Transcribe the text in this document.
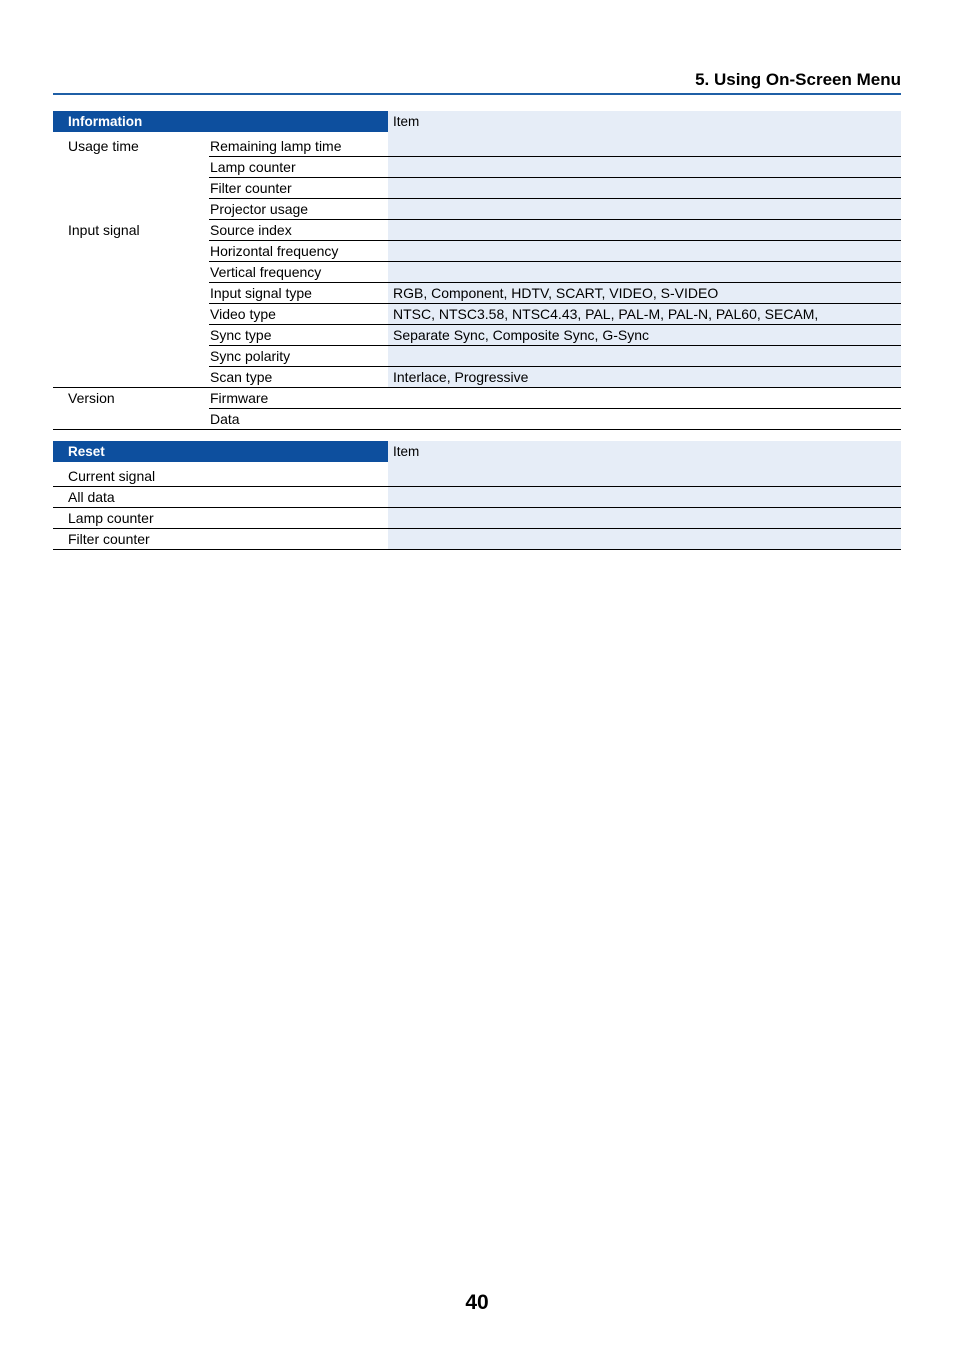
5. Using On-Screen Menu
Information		Item
Usage time	Remaining lamp time	
	Lamp counter	
	Filter counter	
	Projector usage	
Input signal	Source index	
	Horizontal frequency	
	Vertical frequency	
	Input signal type	RGB, Component, HDTV, SCART, VIDEO, S-VIDEO
	Video type	NTSC, NTSC3.58, NTSC4.43, PAL, PAL-M, PAL-N, PAL60, SECAM,
	Sync type	Separate Sync, Composite Sync, G-Sync
	Sync polarity	
	Scan type	Interlace, Progressive
Version	Firmware	
	Data	
Reset	Item
Current signal	
All data	
Lamp counter	
Filter counter	
40
